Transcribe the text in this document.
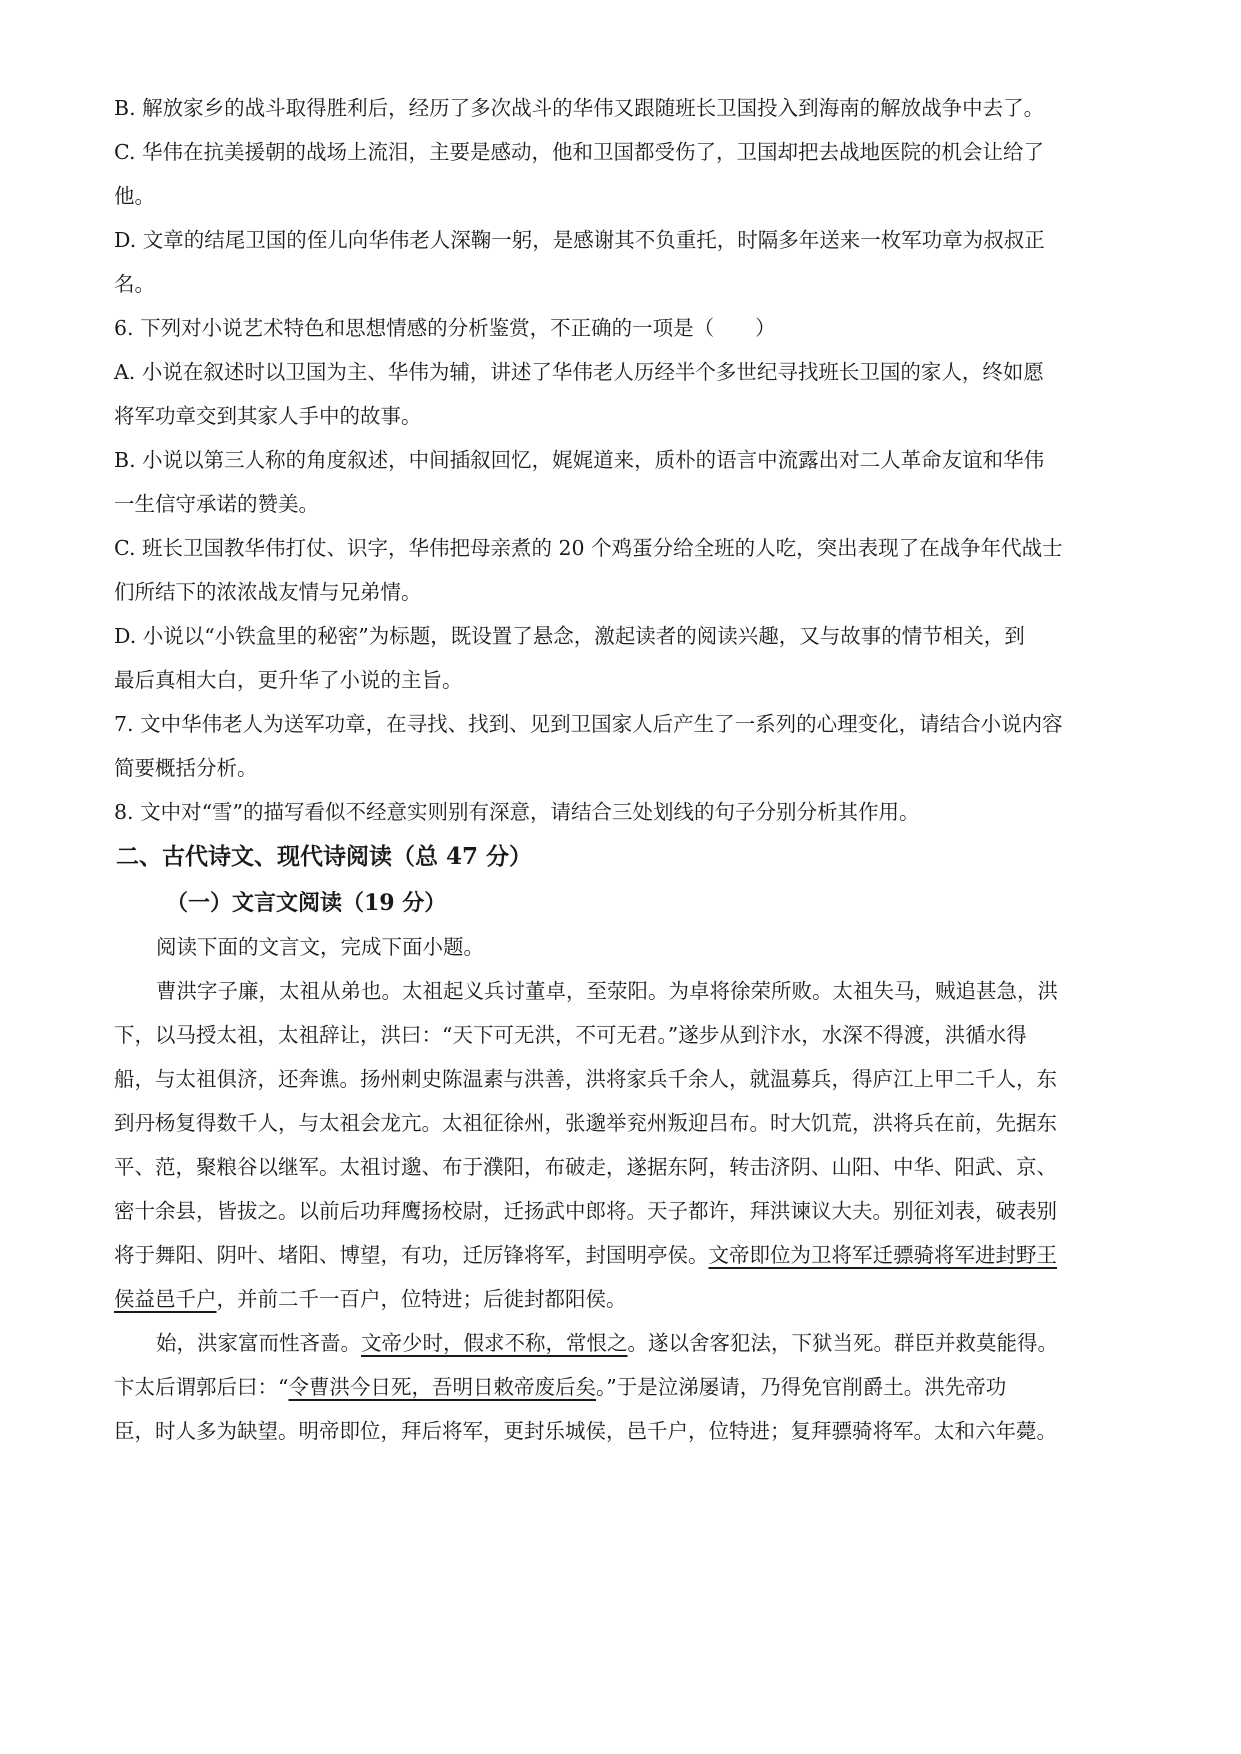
B. 解放家乡的战斗取得胜利后，经历了多次战斗的华伟又跟随班长卫国投入到海南的解放战争中去了。
C. 华伟在抗美援朝的战场上流泪，主要是感动，他和卫国都受伤了，卫国却把去战地医院的机会让给了
他。
D. 文章的结尾卫国的侄儿向华伟老人深鞠一躬，是感谢其不负重托，时隔多年送来一枚军功章为叔叔正
名。
6. 下列对小说艺术特色和思想情感的分析鉴赏，不正确的一项是（　　）
A. 小说在叙述时以卫国为主、华伟为辅，讲述了华伟老人历经半个多世纪寻找班长卫国的家人，终如愿
将军功章交到其家人手中的故事。
B. 小说以第三人称的角度叙述，中间插叙回忆，娓娓道来，质朴的语言中流露出对二人革命友谊和华伟
一生信守承诺的赞美。
C. 班长卫国教华伟打仗、识字，华伟把母亲煮的 20 个鸡蛋分给全班的人吃，突出表现了在战争年代战士
们所结下的浓浓战友情与兄弟情。
D. 小说以“小铁盒里的秘密”为标题，既设置了悬念，激起读者的阅读兴趣，又与故事的情节相关，到
最后真相大白，更升华了小说的主旨。
7. 文中华伟老人为送军功章，在寻找、找到、见到卫国家人后产生了一系列的心理变化，请结合小说内容
简要概括分析。
8. 文中对“雪”的描写看似不经意实则别有深意，请结合三处划线的句子分别分析其作用。
二、古代诗文、现代诗阅读（总 47 分）
（一）文言文阅读（19 分）
阅读下面的文言文，完成下面小题。
曹洪字子廉，太祖从弟也。太祖起义兵讨董卓，至荥阳。为卓将徐荣所败。太祖失马，贼追甚急，洪
下，以马授太祖，太祖辞让，洪曰：“天下可无洪，不可无君。”遂步从到汴水，水深不得渡，洪循水得
船，与太祖俱济，还奔谯。扬州刺史陈温素与洪善，洪将家兵千余人，就温募兵，得庐江上甲二千人，东
到丹杨复得数千人，与太祖会龙亢。太祖征徐州，张邈举兖州叛迎吕布。时大饥荒，洪将兵在前，先据东
平、范，聚粮谷以继军。太祖讨邈、布于濮阳，布破走，遂据东阿，转击济阴、山阳、中华、阳武、京、
密十余县，皆拔之。以前后功拜鹰扬校尉，迁扬武中郎将。天子都许，拜洪谏议大夫。别征刘表，破表别
将于舞阳、阴叶、堵阳、博望，有功，迁厉锋将军，封国明亭侯。文帝即位为卫将军迁骠骑将军进封野王
侯益邑千户，并前二千一百户，位特进；后徙封都阳侯。
始，洪家富而性吝啬。文帝少时，假求不称，常恨之。遂以舍客犯法，下狱当死。群臣并救莫能得。
卞太后谓郭后曰：“令曹洪今日死，吾明日敕帝废后矣。”于是泣涕屡请，乃得免官削爵土。洪先帝功
臣，时人多为缺望。明帝即位，拜后将军，更封乐城侯，邑千户，位特进；复拜骠骑将军。太和六年薨。
